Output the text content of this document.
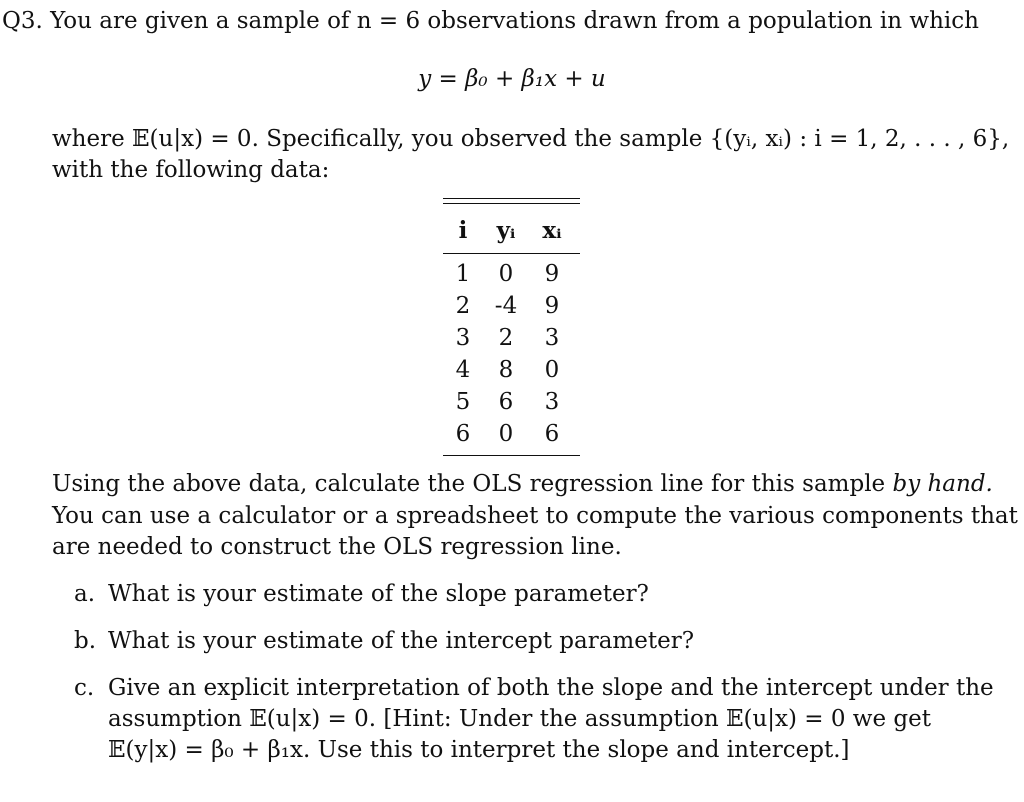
Q3. You are given a sample of n = 6 observations drawn from a population in which
y = β₀ + β₁x + u
where 𝔼(u|x) = 0. Specifically, you observed the sample {(yᵢ, xᵢ) : i = 1, 2, . . . , 6},
with the following data:
i	yᵢ xᵢ
1	0	9
2	-4	9
3	2	3
4	8	0
5	6	3
6	0	6
Using the above data, calculate the OLS regression line for this sample by hand.
You can use a calculator or a spreadsheet to compute the various components that
are needed to construct the OLS regression line.
a. What is your estimate of the slope parameter?
b. What is your estimate of the intercept parameter?
c. Give an explicit interpretation of both the slope and the intercept under the
assumption 𝔼(u|x) = 0. [Hint: Under the assumption 𝔼(u|x) = 0 we get
𝔼(y|x) = β₀ + β₁x. Use this to interpret the slope and intercept.]
